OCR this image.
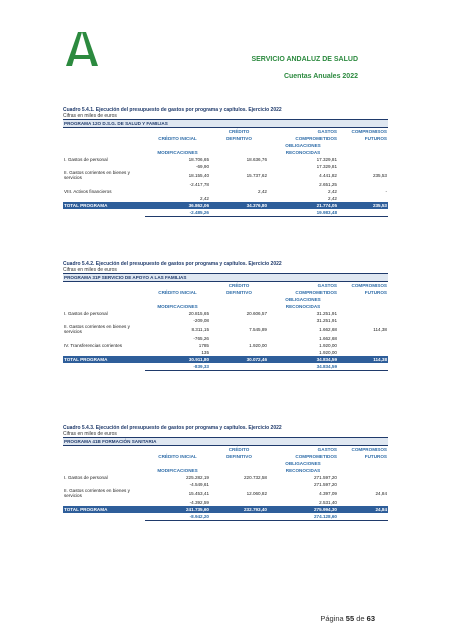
SERVICIO ANDALUZ DE SALUD
Cuentas Anuales 2022
Cuadro 5.4.1. Ejecución del presupuesto de gastos por programa y capítulos. Ejercicio 2022
Cifras en miles de euros
PROGRAMA 12O D.S.G. DE SALUD Y FAMILIAS
		CRÉDITO	GASTOS	COMPROMISOS
	CRÉDITO INICIAL	DEFINITIVO	COMPROMETIDOS	FUTUROS
			OBLIGACIONES	
	MODIFICACIONES		RECONOCIDAS	
I. Gastos de personal	18.706,65	18.636,76	17.329,81	
	-69,90		17.329,81	
II. Gastos corrientes en bienes y servicios	18.155,40	15.737,62	4.441,82	235,53
	-2.417,78		2.651,25	
VIII. Activos financieros		2,42	2,42	-
	2,42		2,42	
TOTAL PROGRAMA	36.862,06	34.376,80	21.774,05	235,53
	-2.485,26		19.983,48	
Cuadro 5.4.2. Ejecución del presupuesto de gastos por programa y capítulos. Ejercicio 2022
Cifras en miles de euros
PROGRAMA 31P SERVICIO DE APOYO A LAS FAMILIAS
		CRÉDITO	GASTOS	COMPROMISOS
	CRÉDITO INICIAL	DEFINITIVO	COMPROMETIDOS	FUTUROS
			OBLIGACIONES	
	MODIFICACIONES		RECONOCIDAS	
I. Gastos de personal	20.815,65	20.606,57	31.251,91	
	-209,08		31.251,91	
II. Gastos corrientes en bienes y servicios	8.311,15	7.545,89	1.662,68	114,38
	-765,26		1.662,68	
IV. Transferencias corrientes	1785	1.920,00	1.920,00	
	135		1.920,00	
TOTAL PROGRAMA	30.911,80	30.072,46	34.834,59	114,38
	-839,33		34.834,59	
Cuadro 5.4.3. Ejecución del presupuesto de gastos por programa y capítulos. Ejercicio 2022
Cifras en miles de euros
PROGRAMA 41B FORMACIÓN SANITARIA
		CRÉDITO	GASTOS	COMPROMISOS
	CRÉDITO INICIAL	DEFINITIVO	COMPROMETIDOS	FUTUROS
			OBLIGACIONES	
	MODIFICACIONES		RECONOCIDAS	
I. Gastos de personal	225.282,19	220.732,58	271.597,20	
	-4.549,61		271.597,20	
II. Gastos corrientes en bienes y servicios	15.453,41	12.060,82	4.397,09	24,84
	-4.392,59		2.531,40	
TOTAL PROGRAMA	241.735,60	232.793,40	275.994,30	24,84
	-8.942,20		274.128,60	
Página 55 de 63
